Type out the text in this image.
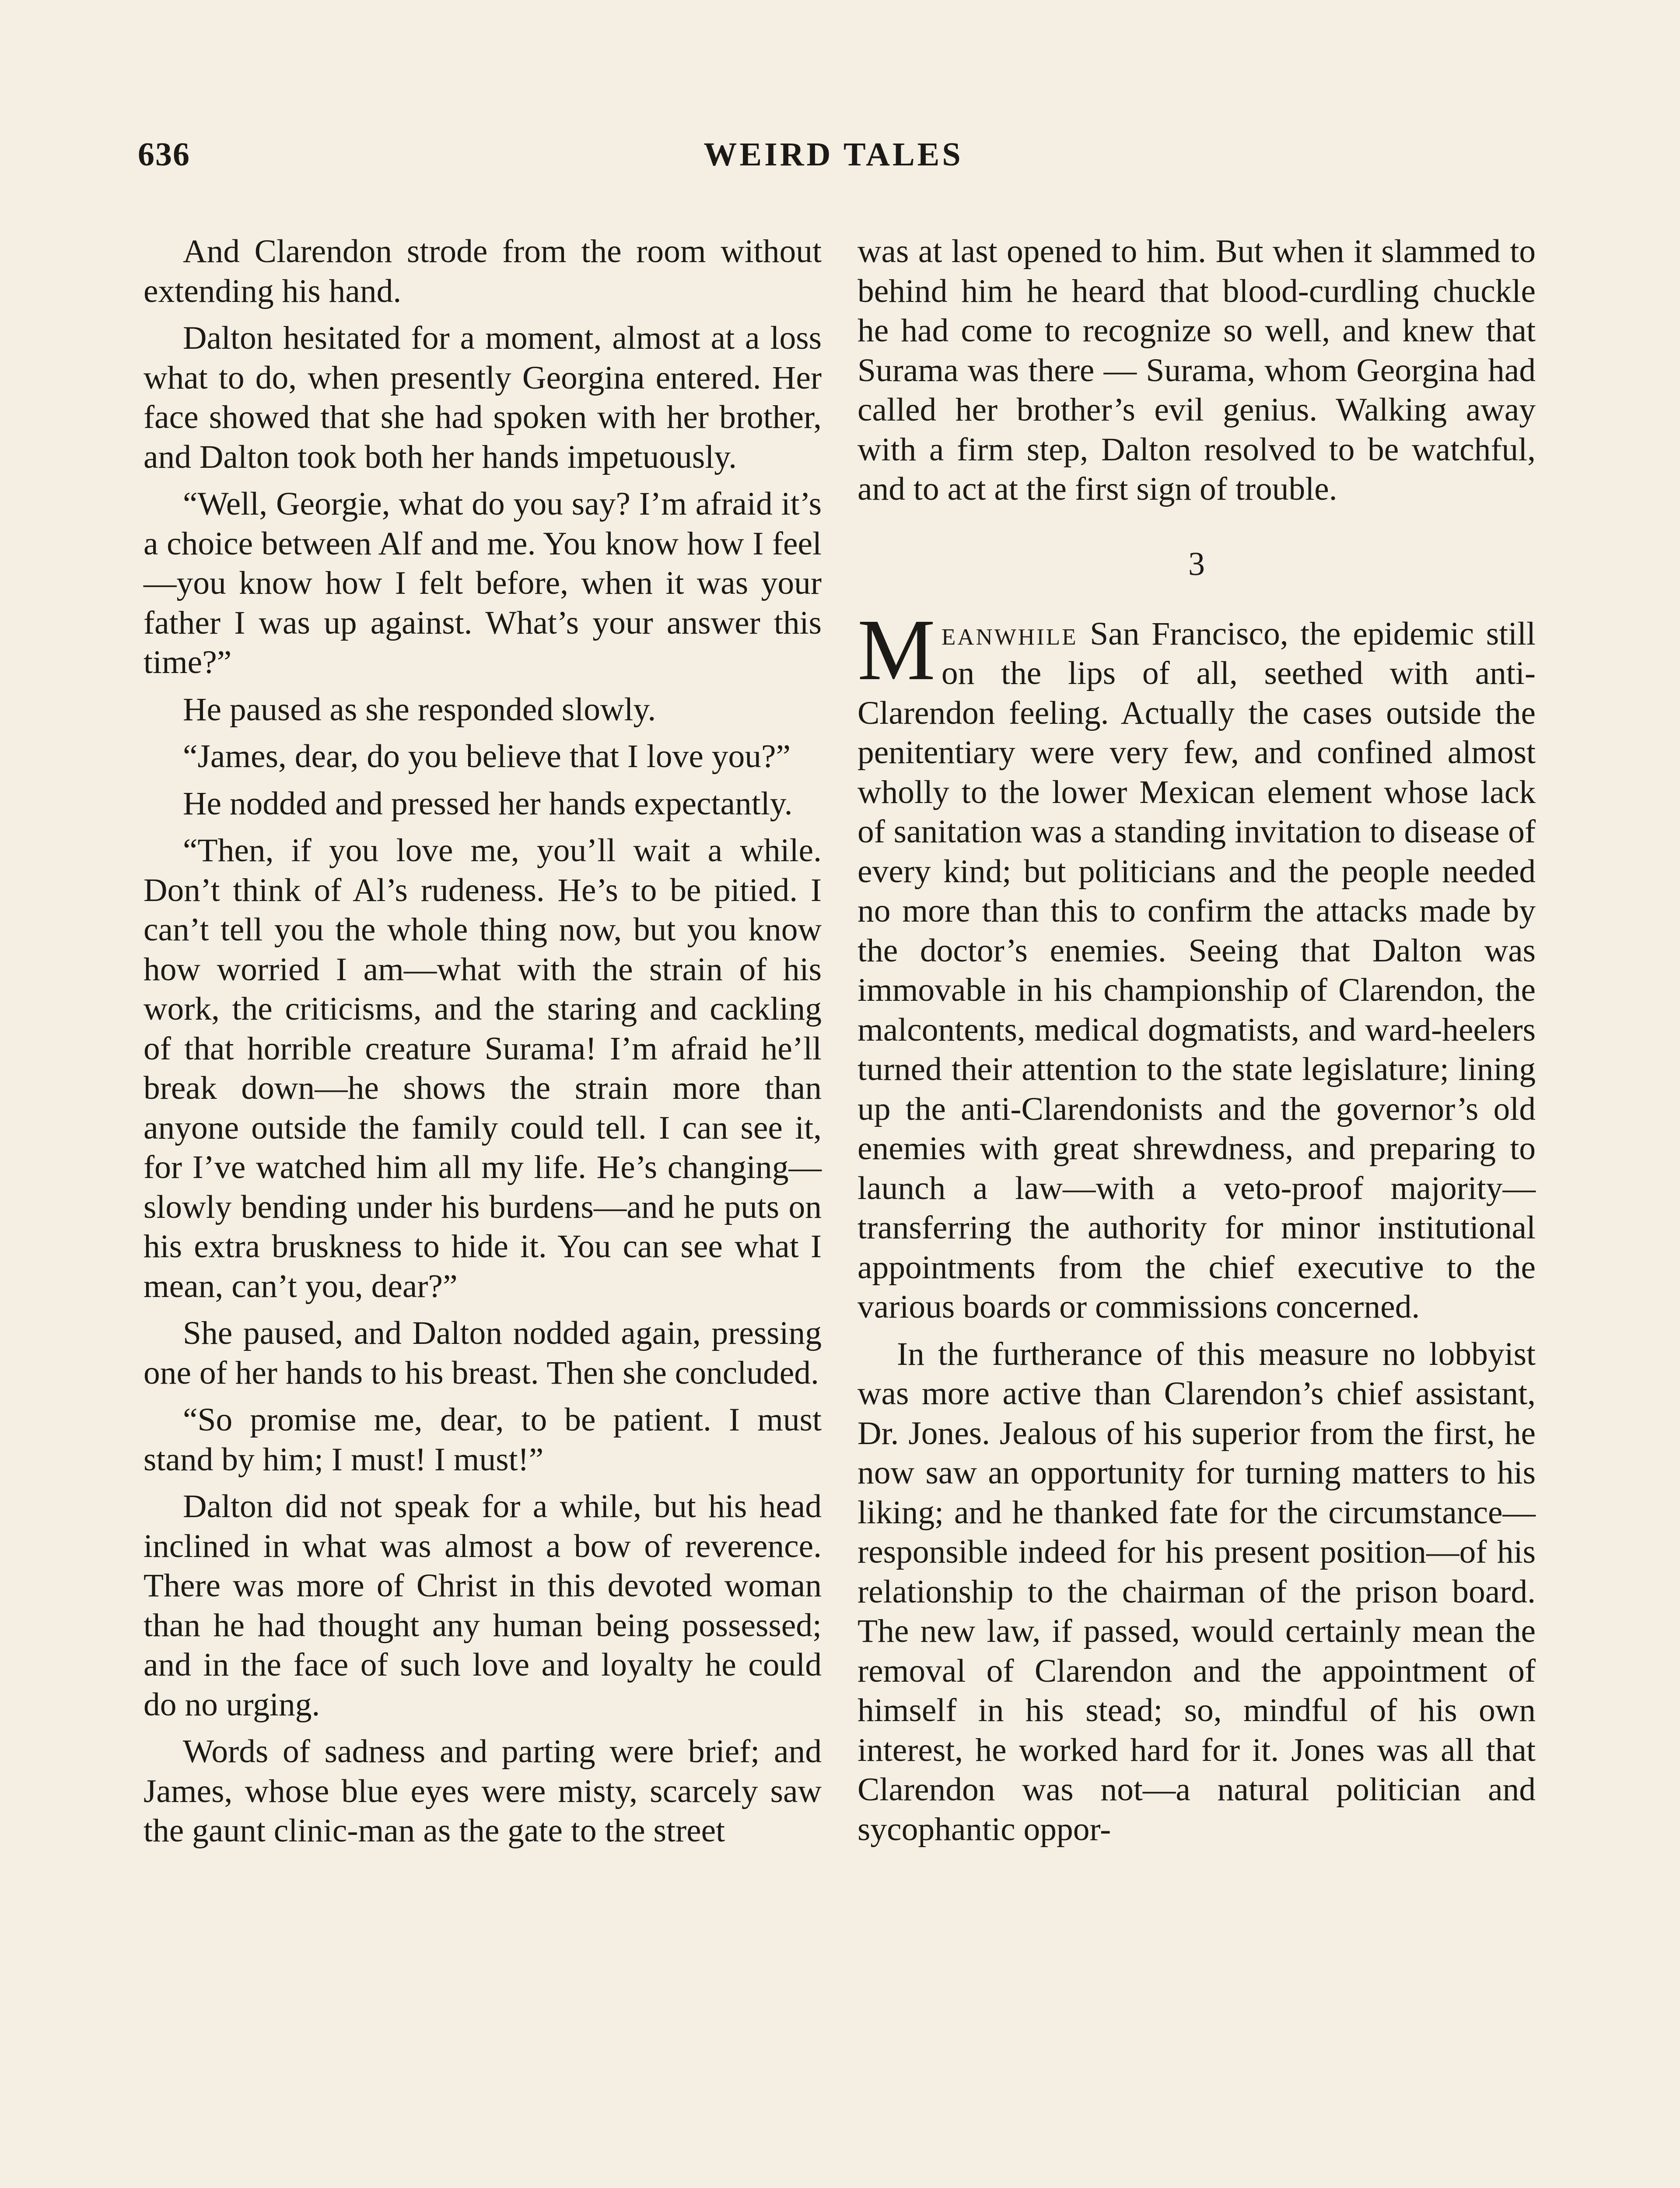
636	WEIRD TALES

And Clarendon strode from the room without extending his hand.

Dalton hesitated for a moment, almost at a loss what to do, when presently Georgina entered. Her face showed that she had spoken with her brother, and Dalton took both her hands impetuously.

“Well, Georgie, what do you say? I’m afraid it’s a choice between Alf and me. You know how I feel—you know how I felt before, when it was your father I was up against. What’s your answer this time?”

He paused as she responded slowly.

“James, dear, do you believe that I love you?”

He nodded and pressed her hands expectantly.

“Then, if you love me, you’ll wait a while. Don’t think of Al’s rudeness. He’s to be pitied. I can’t tell you the whole thing now, but you know how worried I am—what with the strain of his work, the criticisms, and the staring and cackling of that horrible creature Surama! I’m afraid he’ll break down—he shows the strain more than anyone outside the family could tell. I can see it, for I’ve watched him all my life. He’s changing—slowly bending under his burdens—and he puts on his extra bruskness to hide it. You can see what I mean, can’t you, dear?”

She paused, and Dalton nodded again, pressing one of her hands to his breast. Then she concluded.

“So promise me, dear, to be patient. I must stand by him; I must! I must!”

Dalton did not speak for a while, but his head inclined in what was almost a bow of reverence. There was more of Christ in this devoted woman than he had thought any human being possessed; and in the face of such love and loyalty he could do no urging.

Words of sadness and parting were brief; and James, whose blue eyes were misty, scarcely saw the gaunt clinic-man as the gate to the street

was at last opened to him. But when it slammed to behind him he heard that blood-curdling chuckle he had come to recognize so well, and knew that Surama was there — Surama, whom Georgina had called her brother’s evil genius. Walking away with a firm step, Dalton resolved to be watchful, and to act at the first sign of trouble.

3

Meanwhile San Francisco, the epidemic still on the lips of all, seethed with anti-Clarendon feeling. Actually the cases outside the penitentiary were very few, and confined almost wholly to the lower Mexican element whose lack of sanitation was a standing invitation to disease of every kind; but politicians and the people needed no more than this to confirm the attacks made by the doctor’s enemies. Seeing that Dalton was immovable in his championship of Clarendon, the malcontents, medical dogmatists, and ward-heelers turned their attention to the state legislature; lining up the anti-Clarendonists and the governor’s old enemies with great shrewdness, and preparing to launch a law—with a veto-proof majority—transferring the authority for minor institutional appointments from the chief executive to the various boards or commissions concerned.

In the furtherance of this measure no lobbyist was more active than Clarendon’s chief assistant, Dr. Jones. Jealous of his superior from the first, he now saw an opportunity for turning matters to his liking; and he thanked fate for the circumstance—responsible indeed for his present position—of his relationship to the chairman of the prison board. The new law, if passed, would certainly mean the removal of Clarendon and the appointment of himself in his stead; so, mindful of his own interest, he worked hard for it. Jones was all that Clarendon was not—a natural politician and sycophantic oppor-
